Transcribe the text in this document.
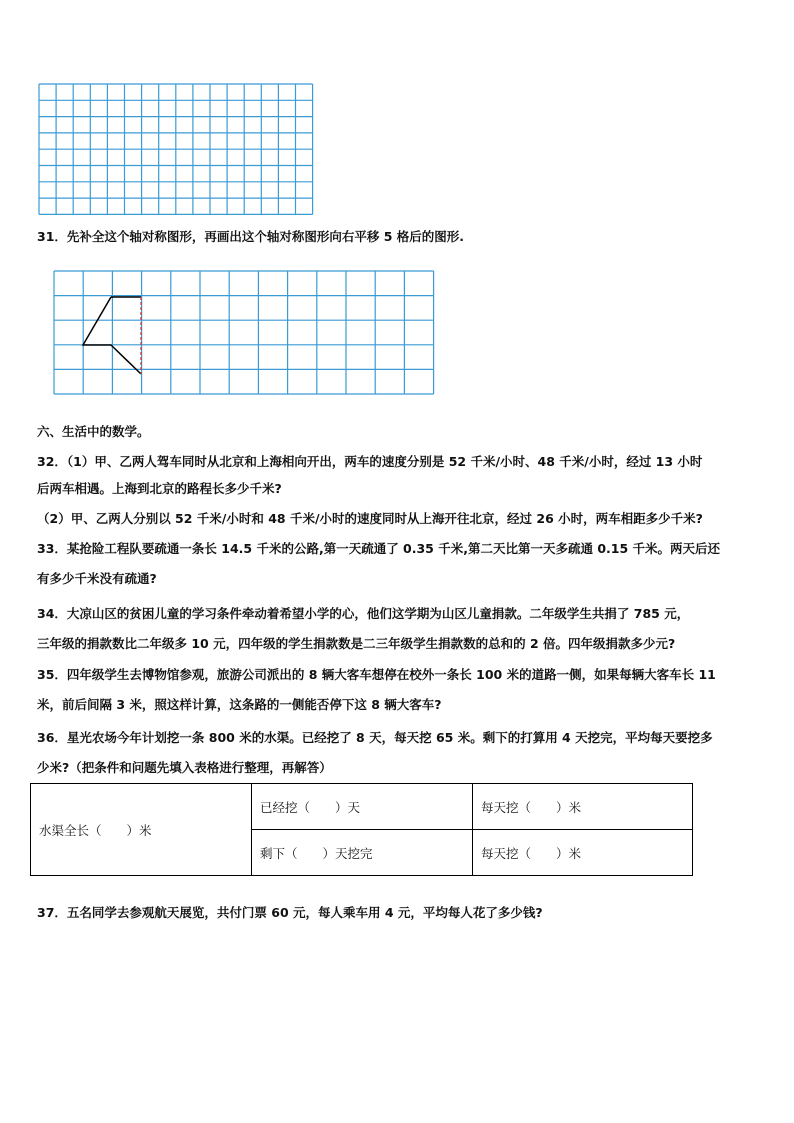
31．先补全这个轴对称图形，再画出这个轴对称图形向右平移 5 格后的图形.
六、生活中的数学。
32．（1）甲、乙两人驾车同时从北京和上海相向开出，两车的速度分别是 52 千米/小时、48 千米/小时，经过 13 小时
后两车相遇。上海到北京的路程长多少千米?
（2）甲、乙两人分别以 52 千米/小时和 48 千米/小时的速度同时从上海开往北京，经过 26 小时，两车相距多少千米?
33．某抢险工程队要疏通一条长 14.5 千米的公路,第一天疏通了 0.35 千米,第二天比第一天多疏通 0.15 千米。两天后还
有多少千米没有疏通?
34．大凉山区的贫困儿童的学习条件牵动着希望小学的心，他们这学期为山区儿童捐款。二年级学生共捐了 785 元，
三年级的捐款数比二年级多 10 元，四年级的学生捐款数是二三年级学生捐款数的总和的 2 倍。四年级捐款多少元?
35．四年级学生去博物馆参观，旅游公司派出的 8 辆大客车想停在校外一条长 100 米的道路一侧，如果每辆大客车长 11
米，前后间隔 3 米，照这样计算，这条路的一侧能否停下这 8 辆大客车?
36．星光农场今年计划挖一条 800 米的水渠。已经挖了 8 天，每天挖 65 米。剩下的打算用 4 天挖完，平均每天要挖多
少米?（把条件和问题先填入表格进行整理，再解答）
水渠全长（　　）米	已经挖（　　）天	每天挖（　　）米
	剩下（　　）天挖完	每天挖（　　）米
37．五名同学去参观航天展览，共付门票 60 元，每人乘车用 4 元，平均每人花了多少钱?
